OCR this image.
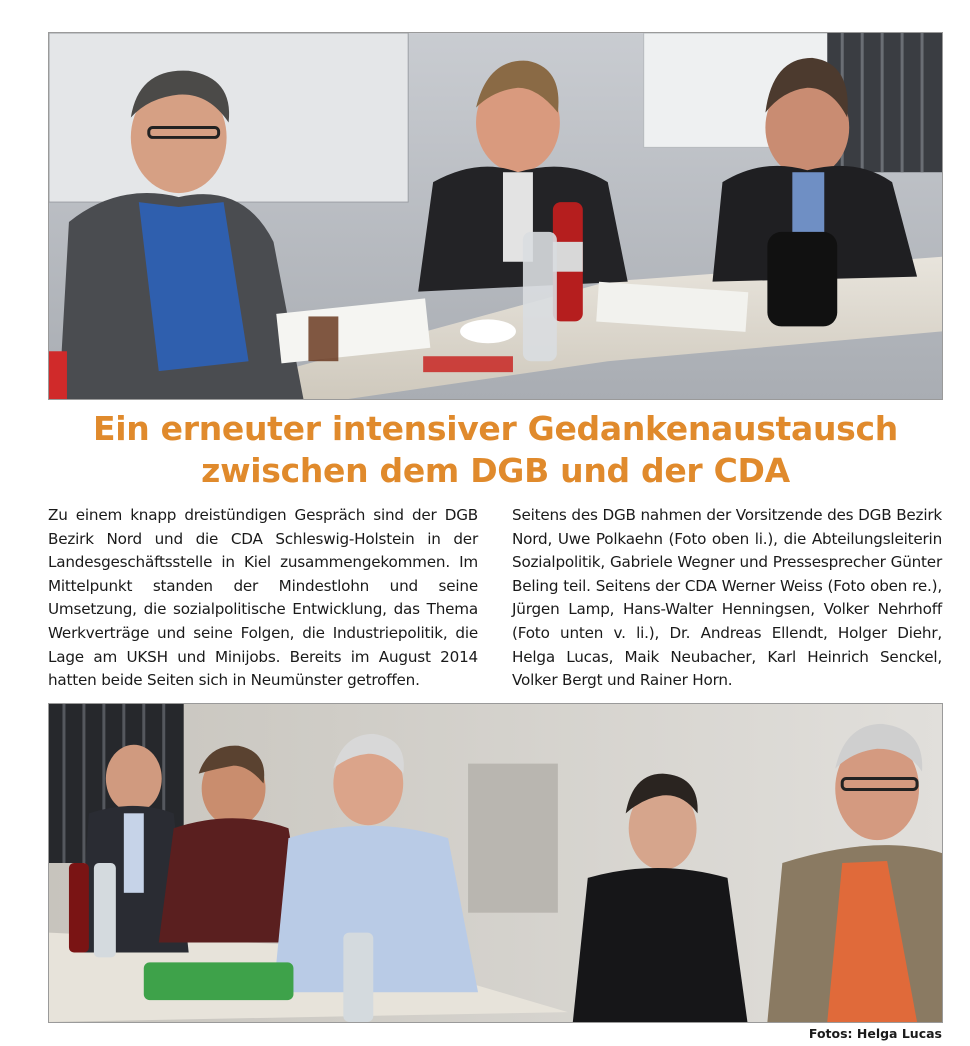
Ein erneuter intensiver Gedankenaustausch
zwischen dem DGB und der CDA
Zu einem knapp dreistündigen Gespräch sind der DGB Bezirk Nord und die CDA Schleswig-Holstein in der Landesgeschäftsstelle in Kiel zusammengekommen. Im Mittelpunkt standen der Mindestlohn und seine Umsetzung, die sozialpolitische Entwicklung, das Thema Werkverträge und seine Folgen, die Industriepolitik, die Lage am UKSH und Minijobs. Bereits im August 2014 hatten beide Seiten sich in Neumünster getroffen.
Seitens des DGB nahmen der Vorsitzende des DGB Bezirk Nord, Uwe Polkaehn (Foto oben li.), die Abteilungsleiterin Sozialpolitik, Gabriele Wegner und Pressesprecher Günter Beling teil. Seitens der CDA Werner Weiss (Foto oben re.), Jürgen Lamp, Hans-Walter Henningsen, Volker Nehrhoff (Foto unten v. li.), Dr. Andreas Ellendt, Holger Diehr, Helga Lucas, Maik Neubacher, Karl Heinrich Senckel, Volker Bergt und Rainer Horn.
Fotos: Helga Lucas
